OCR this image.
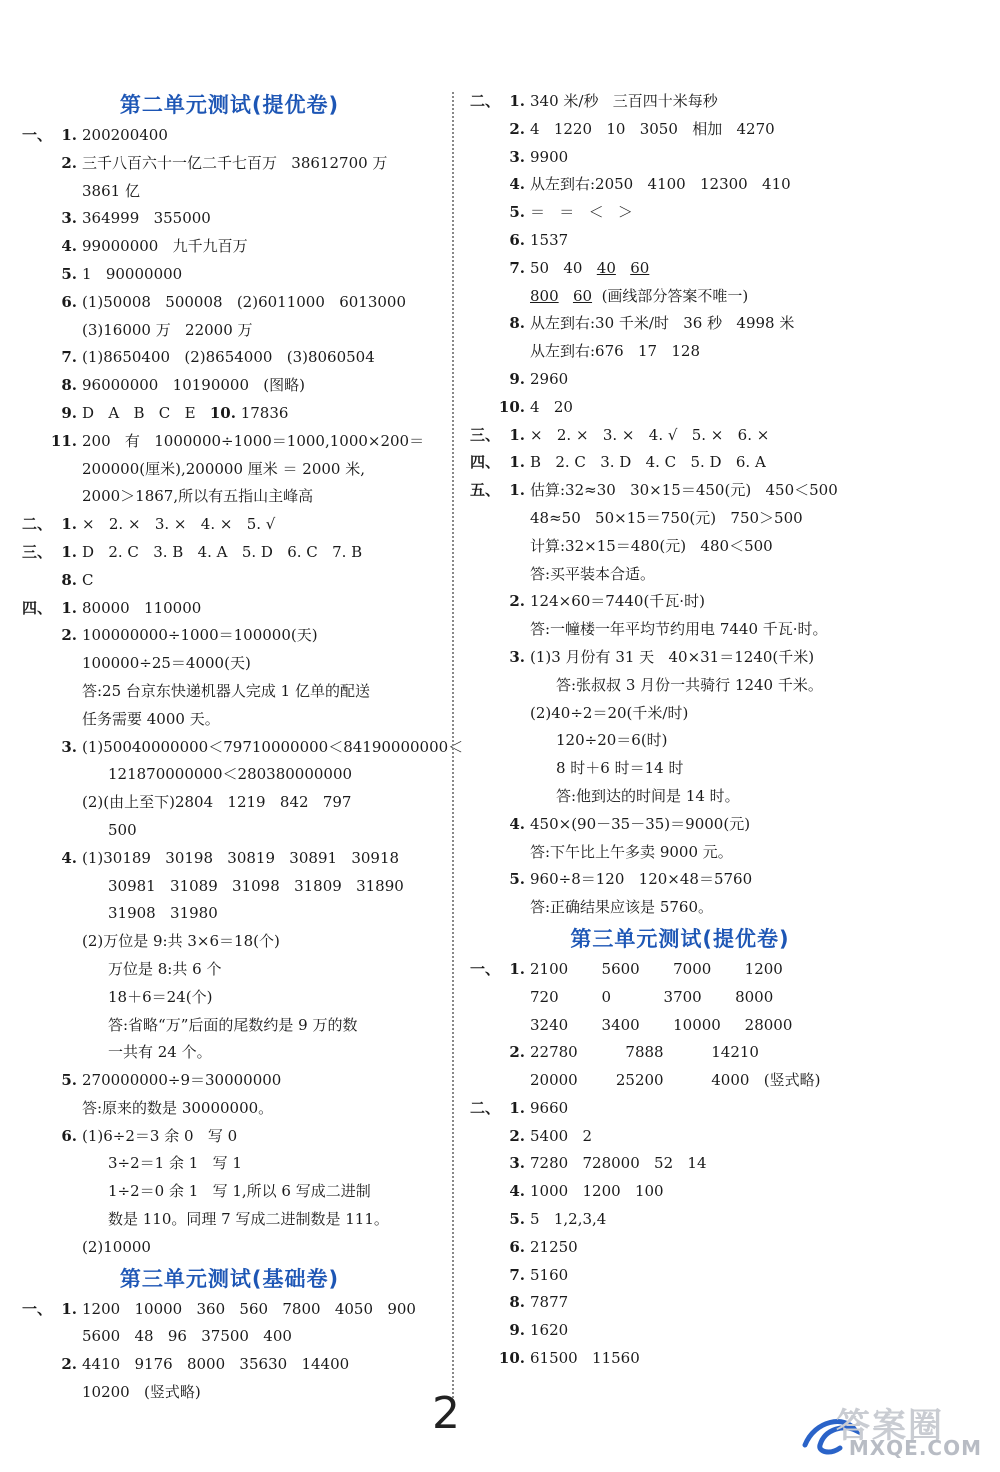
第二单元测试(提优卷)
一、 1. 200200400
2. 三千八百六十一亿二千七百万   38612700 万
3861 亿
3. 364999   355000
4. 99000000   九千九百万
5. 1   90000000
6. (1)50008   500008   (2)6011000   6013000
(3)16000 万   22000 万
7. (1)8650400   (2)8654000   (3)8060504
8. 96000000   10190000   (图略)
9. D   A   B   C   E   10. 17836
11. 200   有   1000000÷1000＝1000,1000×200＝
200000(厘米),200000 厘米 ＝ 2000 米,
2000＞1867,所以有五指山主峰高
二、 1. ×   2. ×   3. ×   4. ×   5. √
三、 1. D   2. C   3. B   4. A   5. D   6. C   7. B
8. C
四、 1. 80000   110000
2. 100000000÷1000＝100000(天)
100000÷25＝4000(天)
答:25 台京东快递机器人完成 1 亿单的配送
任务需要 4000 天。
3. (1)50040000000＜79710000000＜84190000000＜
121870000000＜280380000000
(2)(由上至下)2804   1219   842   797
500
4. (1)30189   30198   30819   30891   30918
30981   31089   31098   31809   31890
31908   31980
(2)万位是 9:共 3×6＝18(个)
万位是 8:共 6 个
18＋6＝24(个)
答:省略“万”后面的尾数约是 9 万的数
一共有 24 个。
5. 270000000÷9＝30000000
答:原来的数是 30000000。
6. (1)6÷2＝3 余 0   写 0
3÷2＝1 余 1   写 1
1÷2＝0 余 1   写 1,所以 6 写成二进制
数是 110。同理 7 写成二进制数是 111。
(2)10000
第三单元测试(基础卷)
一、 1. 1200   10000   360   560   7800   4050   900
5600   48   96   37500   400
2. 4410   9176   8000   35630   14400
10200   (竖式略)
二、 1. 340 米/秒   三百四十米每秒
2. 4   1220   10   3050   相加   4270
3. 9900
4. 从左到右:2050   4100   12300   410
5. ＝   ＝   ＜   ＞
6. 1537
7. 50   40   40 60
800 60  (画线部分答案不唯一)
8. 从左到右:30 千米/时   36 秒   4998 米
从左到右:676   17   128
9. 2960
10. 4   20
三、 1. ×   2. ×   3. ×   4. √   5. ×   6. ×
四、 1. B   2. C   3. D   4. C   5. D   6. A
五、 1. 估算:32≈30   30×15＝450(元)   450＜500
48≈50   50×15＝750(元)   750＞500
计算:32×15＝480(元)   480＜500
答:买平装本合适。
2. 124×60＝7440(千瓦·时)
答:一幢楼一年平均节约用电 7440 千瓦·时。
3. (1)3 月份有 31 天   40×31＝1240(千米)
答:张叔叔 3 月份一共骑行 1240 千米。
(2)40÷2＝20(千米/时)
120÷20＝6(时)
8 时＋6 时＝14 时
答:他到达的时间是 14 时。
4. 450×(90－35－35)＝9000(元)
答:下午比上午多卖 9000 元。
5. 960÷8＝120   120×48＝5760
答:正确结果应该是 5760。
第三单元测试(提优卷)
一、 1. 2100       5600       7000       1200
720         0           3700       8000
3240       3400       10000     28000
2. 22780          7888          14210
20000        25200          4000   (竖式略)
二、 1. 9660
2. 5400   2
3. 7280   728000   52   14
4. 1000   1200   100
5. 5   1,2,3,4
6. 21250
7. 5160
8. 7877
9. 1620
10. 61500   11560
2	答案圈
MXQE.COM
